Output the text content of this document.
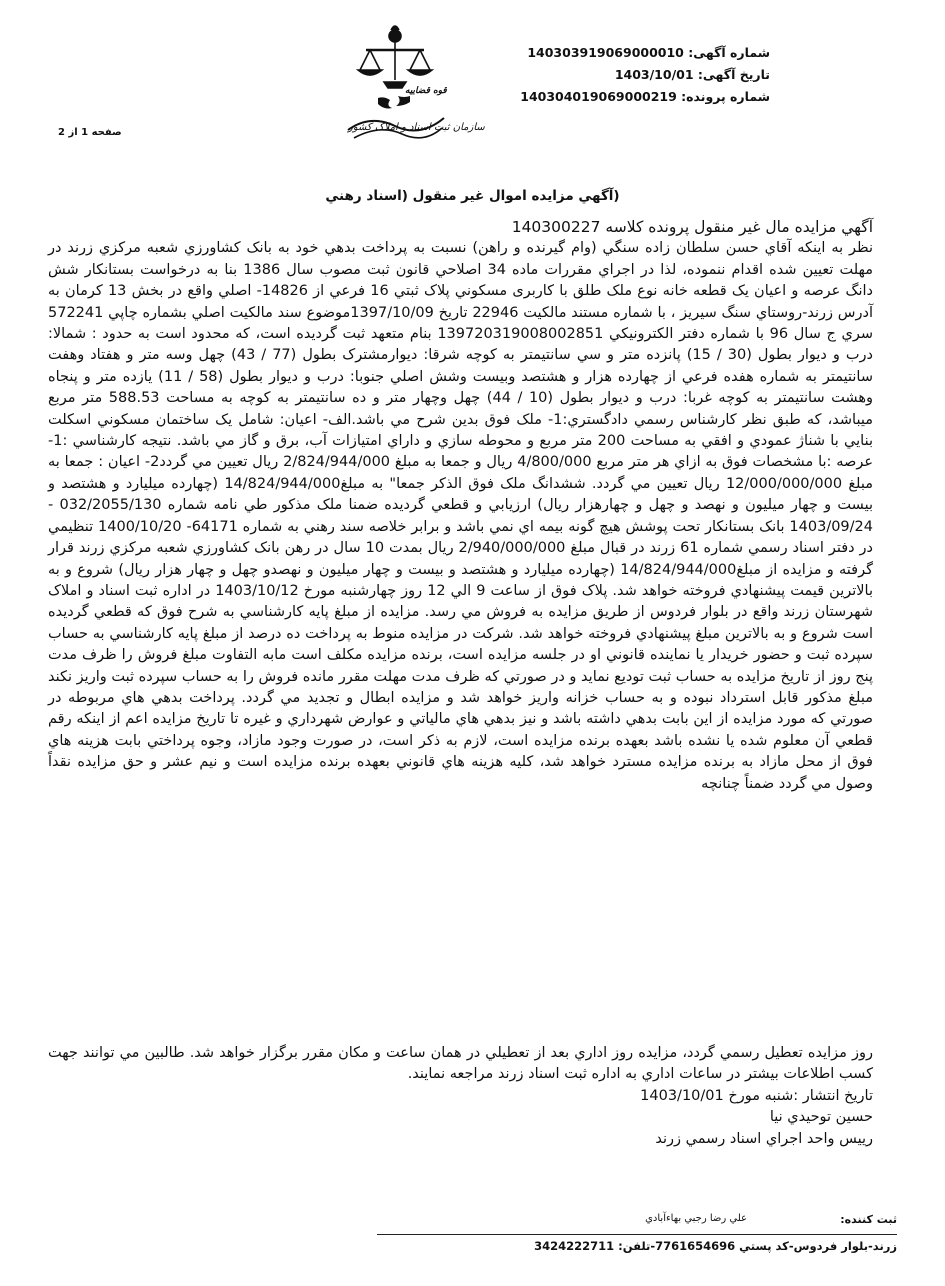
شماره آگهی: 140303919069000010
تاریخ آگهی: 1403/10/01
شماره پرونده: 140304019069000219
قوه قضاییه
سازمان ثبت اسناد و املاک کشور
صفحه 1 از 2
(آگهي مزايده اموال غير منقول (اسناد رهني

آگهي مزايده مال غير منقول پرونده كلاسه 140300227

نظر به اینکه آقاي حسن سلطان زاده سنگي (وام گيرنده و راهن) نسبت به پرداخت بدهي خود به بانک كشاورزي شعبه مركزي زرند در مهلت تعيين شده اقدام ننموده، لذا در اجراي مقررات ماده 34 اصلاحي قانون ثبت مصوب سال 1386 بنا به درخواست بستانكار شش دانگ عرصه و اعيان يک قطعه خانه نوع ملک طلق با کاربری مسكوني پلاک ثبتي 16 فرعي از 14826- اصلي واقع در بخش 13 كرمان به آدرس زرند-روستاي سنگ سيريز ، با شماره مستند مالکیت 22946 تاریخ 1397/10/09موضوع سند مالكيت اصلي بشماره چاپي 572241 سري ج سال 96 با شماره دفتر الكترونيكي 139720319008002851 بنام متعهد ثبت گرديده است، كه محدود است به حدود : شمالا: درب و ديوار بطول (30 / 15) پانزده متر و سي سانتيمتر به كوچه شرقا: ديوارمشترک بطول (77 / 43) چهل وسه متر و هفتاد وهفت سانتيمتر به شماره هفده فرعي از چهارده هزار و هشتصد وبيست وشش اصلي جنوبا: درب و ديوار بطول (58 / 11) يازده متر و پنجاه وهشت سانتيمتر به كوچه غربا: درب و ديوار بطول (10 / 44) چهل وچهار متر و ده سانتيمتر به كوچه به مساحت 588.53 متر مربع ميباشد، كه طبق نظر كارشناس رسمي دادگستري:1- ملک فوق بدين شرح مي باشد.الف- اعيان: شامل يک ساختمان مسكوني اسكلت بنايي با شناژ عمودي و افقي به مساحت 200 متر مربع و محوطه سازي و داراي امتيازات آب، برق و گاز مي باشد. نتيجه كارشناسي :1- عرصه :با مشخصات فوق به ازاي هر متر مربع 4/800/000 ريال و جمعا به مبلغ 2/824/944/000 ريال تعيين مي گردد2- اعيان : جمعا به مبلغ 12/000/000/000 ريال تعيين مي گردد. ششدانگ ملک فوق الذكر جمعا" به مبلغ14/824/944/000 (چهارده ميليارد و هشتصد و بيست و چهار ميليون و نهصد و چهل و چهارهزار ريال) ارزيابي و قطعي گرديده ضمنا ملک مذكور طي نامه شماره 032/2055/130 - 1403/09/24 بانک بستانكار تحت پوشش هيچ گونه بيمه اي نمي باشد و برابر خلاصه سند رهني به شماره 64171- 1400/10/20 تنظيمي در دفتر اسناد رسمي شماره 61 زرند در قبال مبلغ 2/940/000/000 ريال بمدت 10 سال در رهن بانک كشاورزي شعبه مركزي زرند قرار گرفته و مزايده از مبلغ14/824/944/000 (چهارده ميليارد و هشتصد و بيست و چهار ميليون و نهصدو چهل و چهار هزار ريال) شروع و به بالاترين قيمت پيشنهادي فروخته خواهد شد. پلاک فوق از ساعت 9 الي 12 روز چهارشنبه مورخ 1403/10/12 در اداره ثبت اسناد و املاک شهرستان زرند واقع در بلوار فردوس از طريق مزايده به فروش مي رسد. مزايده از مبلغ پايه كارشناسي به شرح فوق كه قطعي گرديده است شروع و به بالاترين مبلغ پيشنهادي فروخته خواهد شد. شركت در مزايده منوط به پرداخت ده درصد از مبلغ پايه كارشناسي به حساب سپرده ثبت و حضور خريدار يا نماينده قانوني او در جلسه مزايده است، برنده مزايده مكلف است مابه التفاوت مبلغ فروش را ظرف مدت پنج روز از تاريخ مزايده به حساب ثبت توديع نمايد و در صورتي كه ظرف مدت مهلت مقرر مانده فروش را به حساب سپرده ثبت واريز نكند مبلغ مذكور قابل استرداد نبوده و به حساب خزانه واريز خواهد شد و مزايده ابطال و تجديد مي گردد. پرداخت بدهي هاي مربوطه در صورتي كه مورد مزايده از اين بابت بدهي داشته باشد و نيز بدهي هاي مالياتي و عوارض شهرداري و غيره تا تاريخ مزايده اعم از اينكه رقم قطعي آن معلوم شده يا نشده باشد بعهده برنده مزايده است، لازم به ذكر است، در صورت وجود مازاد، وجوه پرداختي بابت هزينه هاي فوق از محل مازاد به برنده مزايده مسترد خواهد شد، كليه هزينه هاي قانوني بعهده برنده مزايده است و نيم عشر و حق مزايده نقداً وصول مي گردد ضمناً چنانچه

روز مزايده تعطيل رسمي گردد، مزايده روز اداري بعد از تعطيلي در همان ساعت و مكان مقرر برگزار خواهد شد. طالبين مي توانند جهت كسب اطلاعات بيشتر در ساعات اداري به اداره ثبت اسناد زرند مراجعه نمايند.

تاريخ انتشار :شنبه مورخ 1403/10/01

حسين توحيدي نيا

رييس واحد اجراي اسناد رسمي زرند

ثبت كننده:
علي رضا رجبي بهاءآبادي
زرند-بلوار فردوس-كد پستي 7761654696-تلفن: 3424222711
